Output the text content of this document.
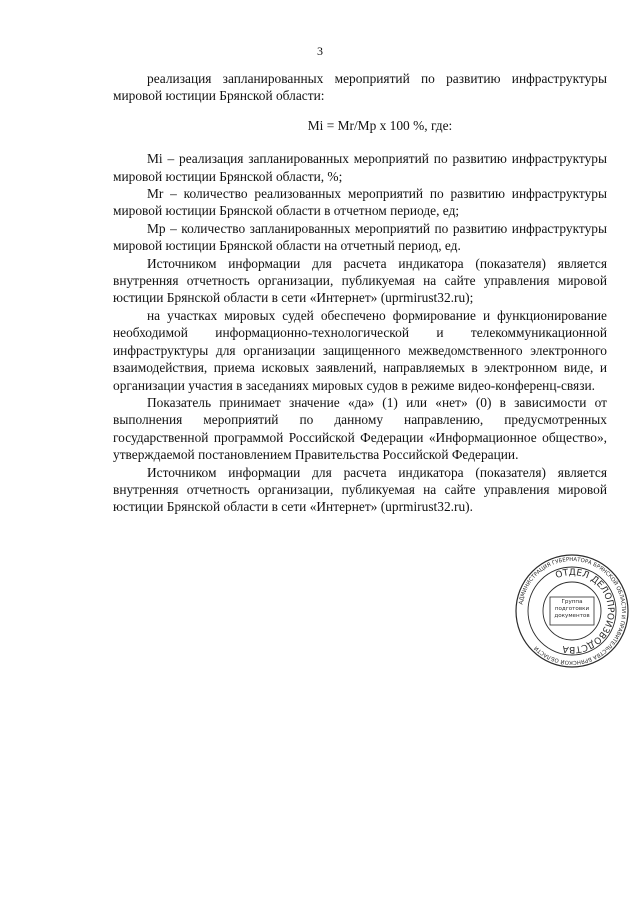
3

реализация запланированных мероприятий по развитию инфраструктуры мировой юстиции Брянской области:

Mi = Mr/Mp x 100 %, где:

Mi – реализация запланированных мероприятий по развитию инфраструктуры мировой юстиции Брянской области, %;

Mr – количество реализованных мероприятий по развитию инфраструктуры мировой юстиции Брянской области в отчетном периоде, ед;

Mp – количество запланированных мероприятий по развитию инфраструктуры мировой юстиции Брянской области на отчетный период, ед.

Источником информации для расчета индикатора (показателя) является внутренняя отчетность организации, публикуемая на сайте управления мировой юстиции Брянской области в сети «Интернет» (uprmirust32.ru);

на участках мировых судей обеспечено формирование и функционирование необходимой информационно-технологической и телекоммуникационной инфраструктуры для организации защищенного межведомственного электронного взаимодействия, приема исковых заявлений, направляемых в электронном виде, и организации участия в заседаниях мировых судов в режиме видео-конференц-связи.

Показатель принимает значение «да» (1) или «нет» (0) в зависимости от выполнения мероприятий по данному направлению, предусмотренных государственной программой Российской Федерации «Информационное общество», утверждаемой постановлением Правительства Российской Федерации.

Источником информации для расчета индикатора (показателя) является внутренняя отчетность организации, публикуемая на сайте управления мировой юстиции Брянской области в сети «Интернет» (uprmirust32.ru).

АДМИНИСТРАЦИЯ ГУБЕРНАТОРА БРЯНСКОЙ ОБЛАСТИ И ПРАВИТЕЛЬСТВА БРЯНСКОЙ ОБЛАСТИ
ОТДЕЛ ДЕЛОПРОИЗВОДСТВА
Группа подготовки документов
